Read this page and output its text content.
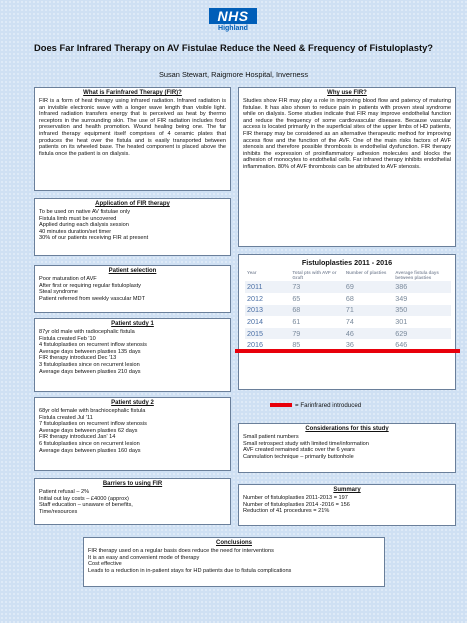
NHS
Highland
Does Far Infrared Therapy on AV Fistulae Reduce the Need & Frequency of Fistuloplasty?
Susan Stewart, Raigmore Hospital, Inverness
What is Farinfrared Therapy (FIR)?
FIR is a form of heat therapy using infrared radiation. Infrared radiation is an invisible electronic wave with a longer wave length than visible light. Infrared radiation transfers energy that is perceived as heat by thermo receptors in the surrounding skin. The use of FIR radiation includes food preservation and health promotion. Wound healing being one. The far infrared therapy equipment itself comprises of 4 ceramic plates that produces the heat over the fistula and is easily transported between patients on its wheeled base. The heated component is placed above the fistula once the patient is on dialysis.
Why use FIR?
Studies show FIR may play a role in improving blood flow and patency of maturing fistulae. It has also shown to reduce pain in patients with proven steal syndrome while on dialysis. Some studies indicate that FIR may improve endothelial function and reduce the frequency of some cardiovascular diseases. Because vascular access is located primarily in the superficial sites of the upper limbs of HD patients, FIR therapy may be considered as an alternative therapeutic method for improving access flow and the function of the AVF. One of the main risks factors of AVF stenosis and therefore possible thrombosis is endothelial dysfunction. FIR therapy inhibits the expression of proinflammatory adhesion molecules and blocks the adhesion of monocytes to endothelial cells. Far infrared therapy inhibits endothelial inflammation. 80% of AVF thrombosis can be attributed to AVF stenosis.
Application of FIR therapy
To be used on native AV fistulae only
Fistula limb must be uncovered
Applied during each dialysis session
40 minutes duration/set timer
30% of our patients receiving FIR at present
Patient selection
Poor maturation of AVF
After first or requiring regular fistuloplasty
Steal syndrome
Patient referred from weekly vascular MDT
Patient study 1
87yr old male with radiocephalic fistula
Fistula created Feb '10
4 fistuloplasties on recurrent inflow stenosis
Average days between plasties 135 days
FIR therapy introduced Dec '13
3 fistuloplasties since on recurrent lesion
Average days between plasties 210 days
Patient study 2
68yr old female with brachiocephalic fistula
Fistula created Jul '11
7 fistuloplasties on recurrent inflow stenosis
Average days between plasties 62 days
FIR therapy introduced Jan' 14
6 fistuloplasties since on recurrent lesion
Average days between plasties 160 days
Barriers to using FIR
Patient refusal – 2%
Initial out lay costs – £4000 (approx)
Staff education – unaware of benefits,
Time/resources
Fistuloplasties 2011 - 2016
Year	Total pts with AVF or Graft	Number of plasties	Average fistula days between plasties
2011	73	69	386
2012	65	68	349
2013	68	71	350
2014	61	74	301
2015	79	46	629
2016	85	36	646
= Farinfrared introduced
Considerations for this study
Small patient numbers
Small retrospect study with limited time/information
AVF created remained static over the 6 years
Cannulation technique – primarily buttonhole
Summary
Number of fistuloplasties 2011-2013 = 197
Number of fistuloplasties 2014 -2016 = 156
Reduction of 41 procedures = 21%
Conclusions
FIR therapy used on a regular basis does reduce the need for interventions
It is an easy and convenient mode of therapy
Cost effective
Leads to a reduction in in-patient stays for HD patients due to fistula complications
